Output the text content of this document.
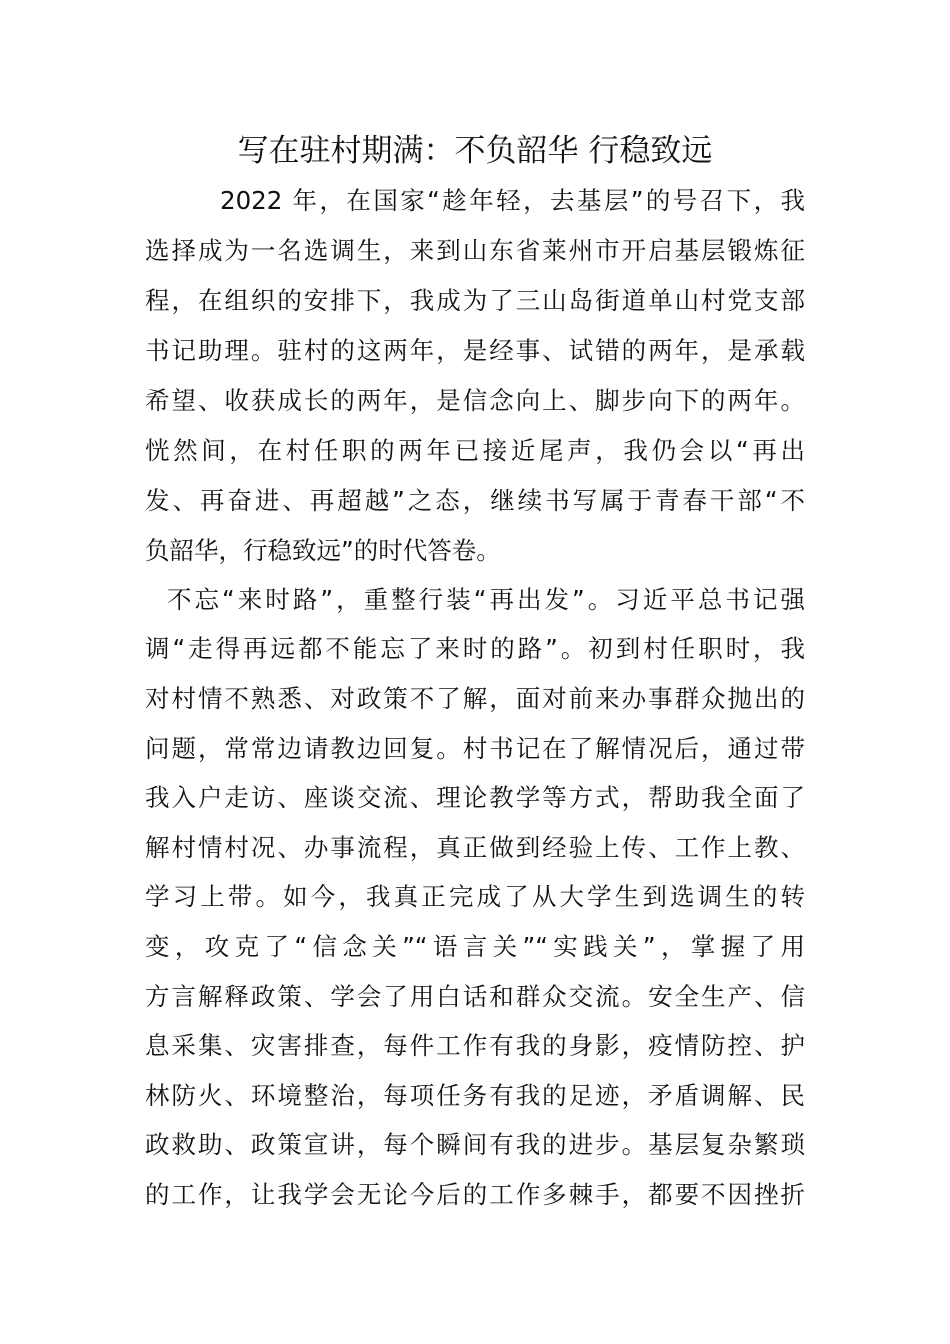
写在驻村期满：不负韶华 行稳致远

2022 年，在国家“趁年轻，去基层”的号召下，我

选择成为一名选调生，来到山东省莱州市开启基层锻炼征

程，在组织的安排下，我成为了三山岛街道单山村党支部

书记助理。驻村的这两年，是经事、试错的两年，是承载

希望、收获成长的两年，是信念向上、脚步向下的两年。

恍然间，在村任职的两年已接近尾声，我仍会以“再出

发、再奋进、再超越”之态，继续书写属于青春干部“不

负韶华，行稳致远”的时代答卷。

不忘“来时路”，重整行装“再出发”。习近平总书记强

调“走得再远都不能忘了来时的路”。初到村任职时，我

对村情不熟悉、对政策不了解，面对前来办事群众抛出的

问题，常常边请教边回复。村书记在了解情况后，通过带

我入户走访、座谈交流、理论教学等方式，帮助我全面了

解村情村况、办事流程，真正做到经验上传、工作上教、

学习上带。如今，我真正完成了从大学生到选调生的转

变，攻克了“信念关”“语言关”“实践关”，掌握了用

方言解释政策、学会了用白话和群众交流。安全生产、信

息采集、灾害排查，每件工作有我的身影，疫情防控、护

林防火、环境整治，每项任务有我的足迹，矛盾调解、民

政救助、政策宣讲，每个瞬间有我的进步。基层复杂繁琐

的工作，让我学会无论今后的工作多棘手，都要不因挫折
